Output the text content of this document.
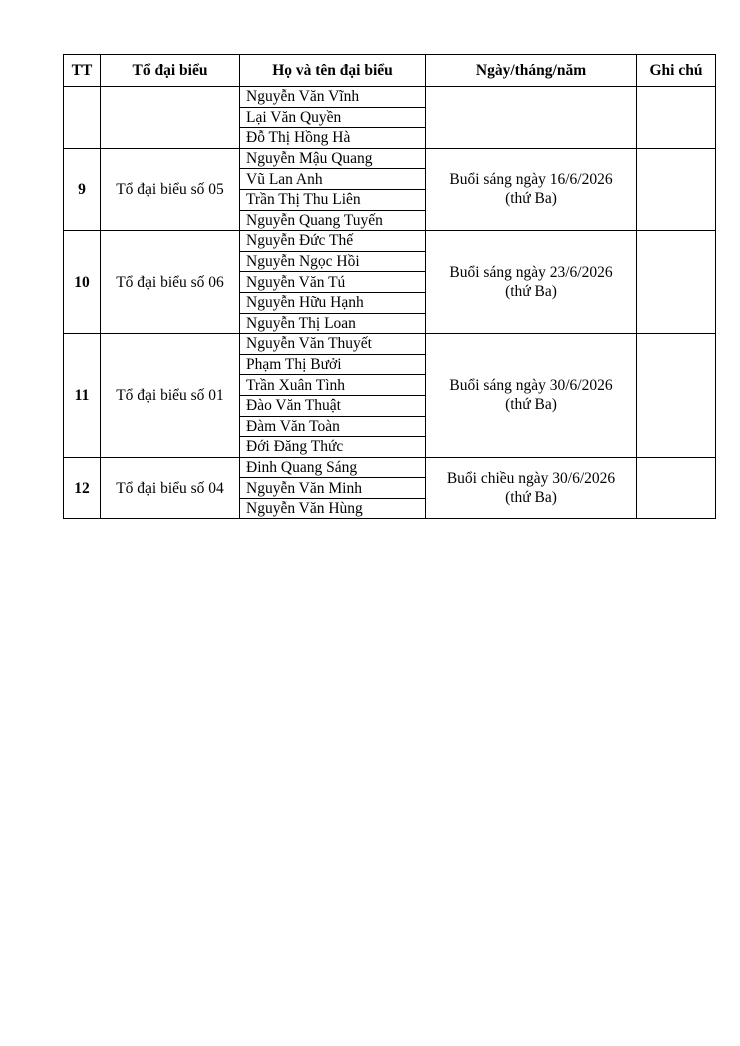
TT	Tổ đại biểu	Họ và tên đại biểu	Ngày/tháng/năm	Ghi chú
		Nguyễn Văn Vĩnh	

		Lại Văn Quyền		
		Đỗ Thị Hồng Hà		
9	Tổ đại biểu số 05	Nguyễn Mậu Quang	Buổi sáng ngày 16/6/2026
(thứ Ba)	

		Vũ Lan Anh		
		Trần Thị Thu Liên		
		Nguyễn Quang Tuyến		
10	Tổ đại biểu số 06	Nguyễn Đức Thế	Buổi sáng ngày 23/6/2026
(thứ Ba)	

		Nguyễn Ngọc Hồi		
		Nguyễn Văn Tú		
		Nguyễn Hữu Hạnh		
		Nguyễn Thị Loan		
11	Tổ đại biểu số 01	Nguyễn Văn Thuyết	Buổi sáng ngày 30/6/2026
(thứ Ba)	

		Phạm Thị Bưởi		
		Trần Xuân Tình		
		Đào Văn Thuật		
		Đàm Văn Toàn		
		Đới Đăng Thức		
12	Tổ đại biểu số 04	Đinh Quang Sáng	Buổi chiều ngày 30/6/2026
(thứ Ba)	

		Nguyễn Văn Minh		
		Nguyễn Văn Hùng		
